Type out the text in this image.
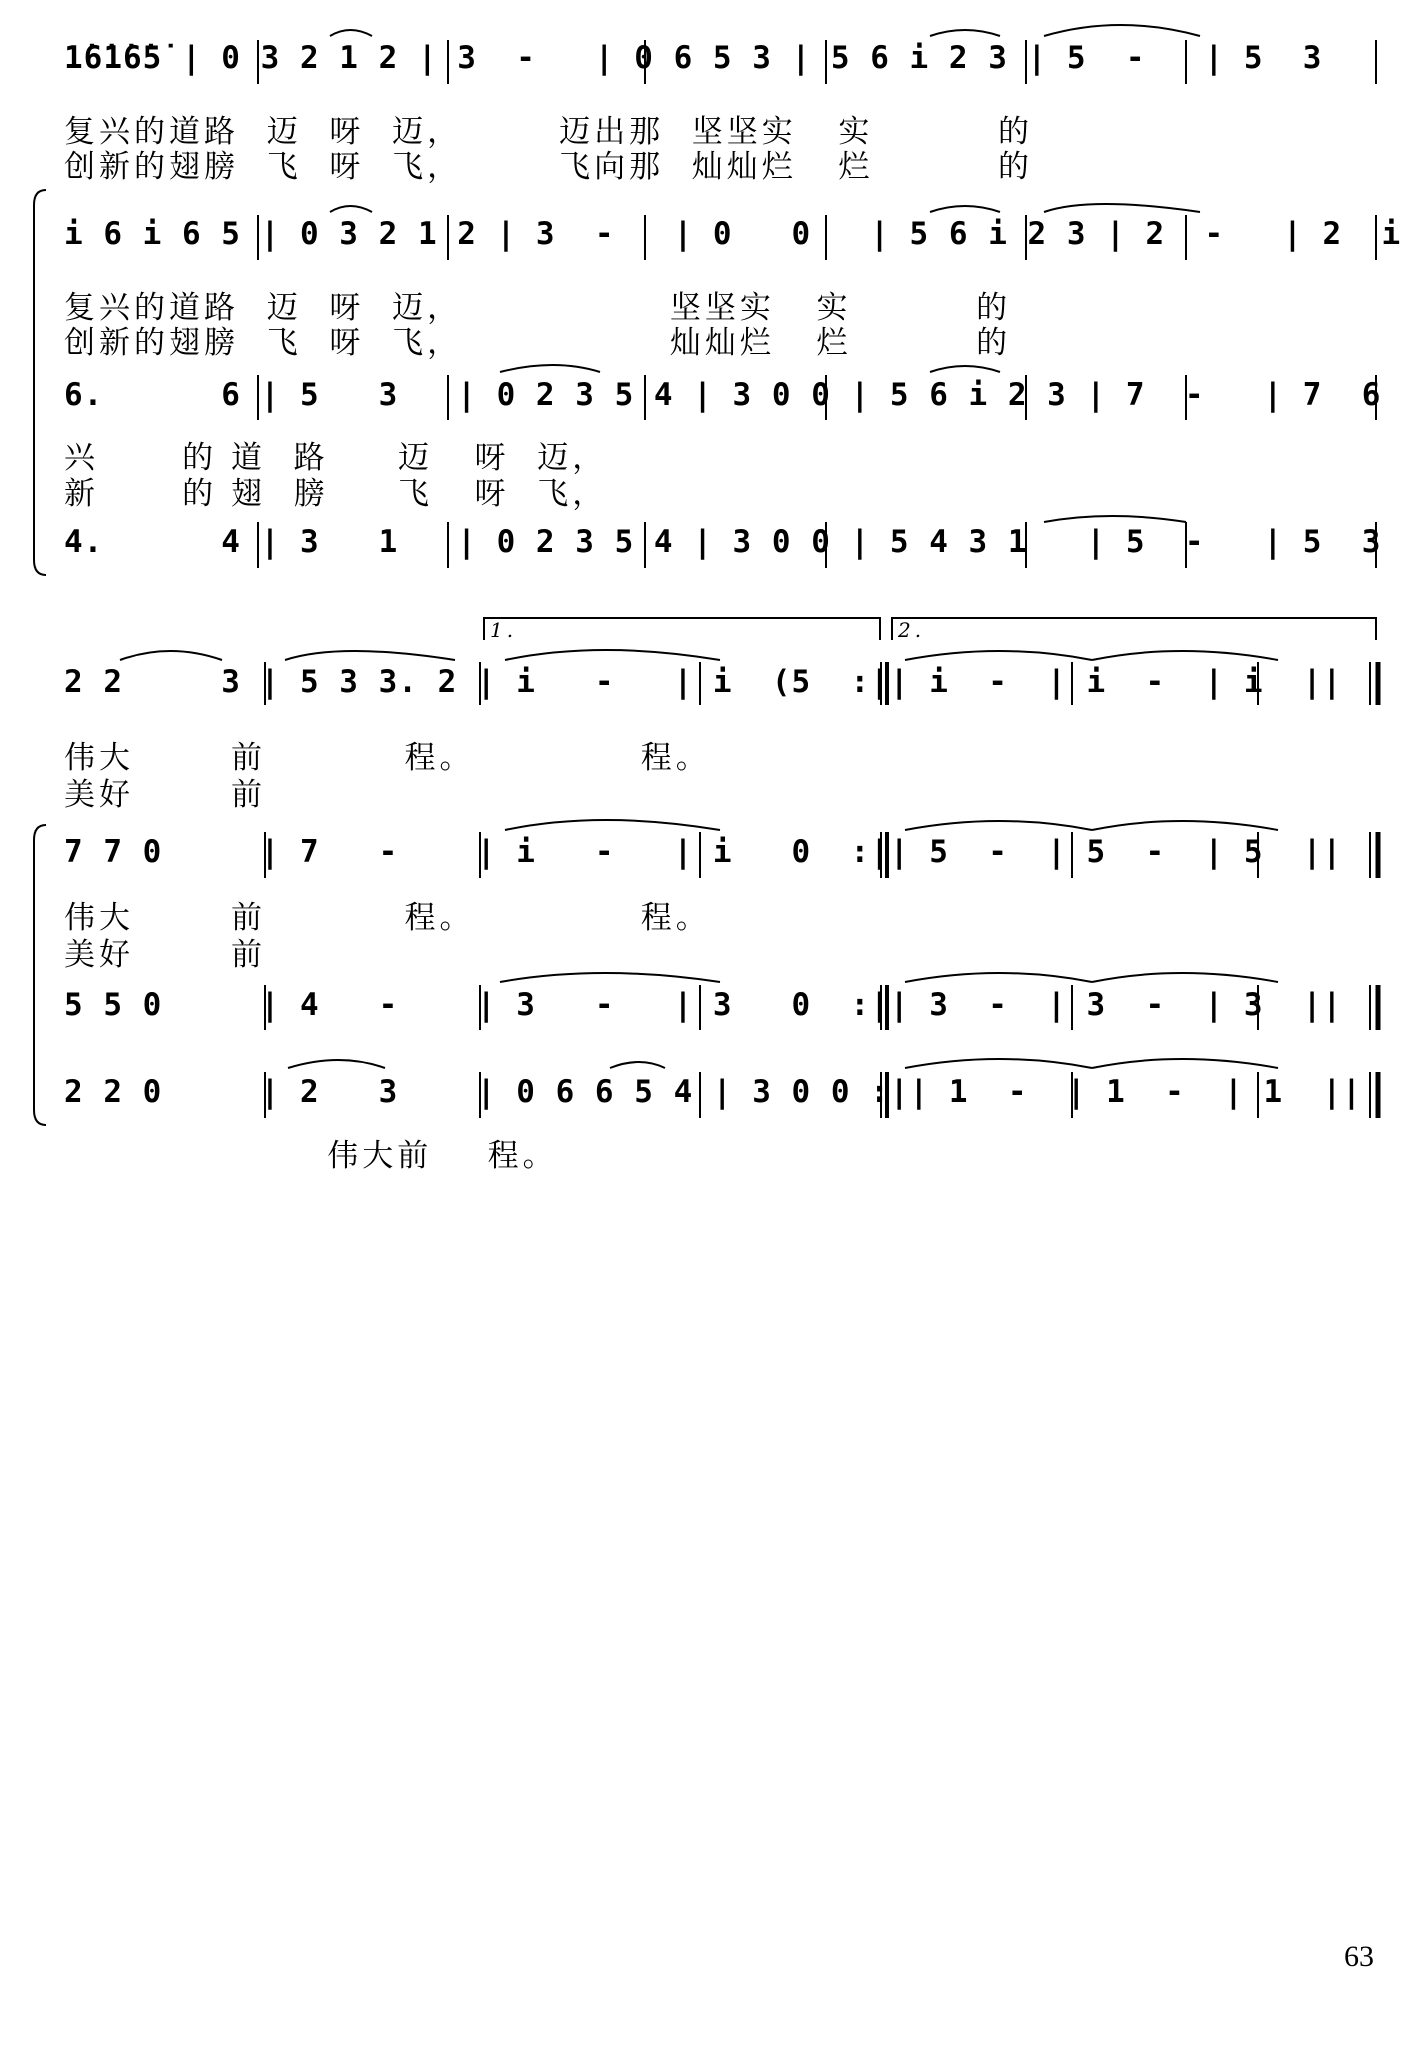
1̇6̇1̇6̇5̇ | 0 3 2 1 2 | 3  -   | 0 6 5 3 | 5 6 i 2 3 | 5  -   | 5  3
复兴的道路  迈  呀  迈，       迈出那  坚坚实   实         的
创新的翅膀  飞  呀  飞，       飞向那  灿灿烂   烂         的
i 6 i 6 5 | 0 3 2 1 2 | 3  -   | 0   0   | 5 6 i 2 3 | 2  -   | 2  i
复兴的道路  迈  呀  迈，               坚坚实   实         的
创新的翅膀  飞  呀  飞，               灿灿烂   烂         的
6.      6 | 5   3   | 0 2 3 5 4 | 3 0 0 | 5 6 i 2 3 | 7  -   | 7  6
兴      的 道  路     迈   呀  迈，
新      的 翅  膀     飞   呀  飞，
4.      4 | 3   1   | 0 2 3 5 4 | 3 0 0 | 5 4 3 1   | 5  -   | 5  3
1.	2.
2 2     3 | 5 3 3. 2 | i   -   | i  (5  :|| i  -  | i  -  | i  ||
伟大       前          程。            程。
美好       前
7 7 0     | 7   -    | i   -   | i   0  :|| 5  -  | 5  -  | 5  ||
伟大       前          程。            程。
美好       前
5 5 0     | 4   -    | 3   -   | 3   0  :|| 3  -  | 3  -  | 3  ||
2 2 0     | 2   3    | 0 6 6 5 4 | 3 0 0 :|| 1  -  | 1  -  | 1  ||
伟大前    程。
63
